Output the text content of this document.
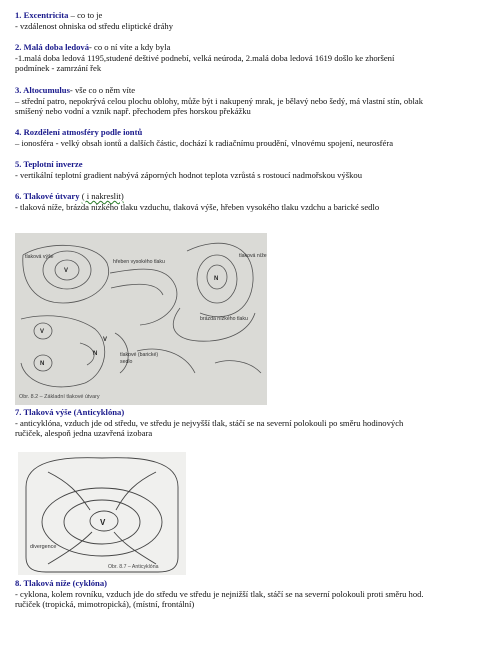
1. Excentricita – co to je
- vzdálenost ohniska od středu eliptické dráhy
2. Malá doba ledová- co o ní víte a kdy byla
-1.malá doba ledová 1195,studené deštivé podnebí, velká neúroda, 2.malá doba ledová 1619 došlo ke zhoršení
podmínek - zamrzání řek
3. Altocumulus- vše co o něm víte
– střední patro, nepokrývá celou plochu oblohy, může být i nakupený mrak, je bělavý nebo šedý, má vlastní stín, oblak
smíšený nebo vodní a vznik např. přechodem přes horskou překážku
4. Rozdělení atmosféry podle iontů
– ionosféra - velký obsah iontů a dalších částic, dochází k radiačnímu proudění, vlnovému spojení, neurosféra
5. Teplotní inverze
- vertikální teplotní gradient nabývá záporných hodnot teplota vzrůstá s rostoucí nadmořskou výškou
6. Tlakové útvary ( i nakreslit)
- tlaková níže, brázda nízkého tlaku vzduchu, tlaková výše, hřeben vysokého tlaku vzdchu a barické sedlo
tlaková výše
hřeben vysokého tlaku
tlaková níže
brázda nízkého tlaku
tlakové (barické)
sedlo
V
N
V
N
N
V
Obr. 8.2 – Základní tlakové útvary
7. Tlaková výše (Anticyklóna)
- anticyklóna, vzduch jde od středu, ve středu je nejvyšší tlak, stáčí se na severní polokouli po směru hodinových
ručiček, alespoň jedna uzavřená izobara
V
divergence
Obr. 8.7 – Anticyklóna
8. Tlaková níže (cyklóna)
- cyklona, kolem rovníku, vzduch jde do středu ve středu je nejnižší tlak, stáčí se na severní polokouli proti směru hod.
ručiček (tropická, mimotropická), (místní, frontální)
